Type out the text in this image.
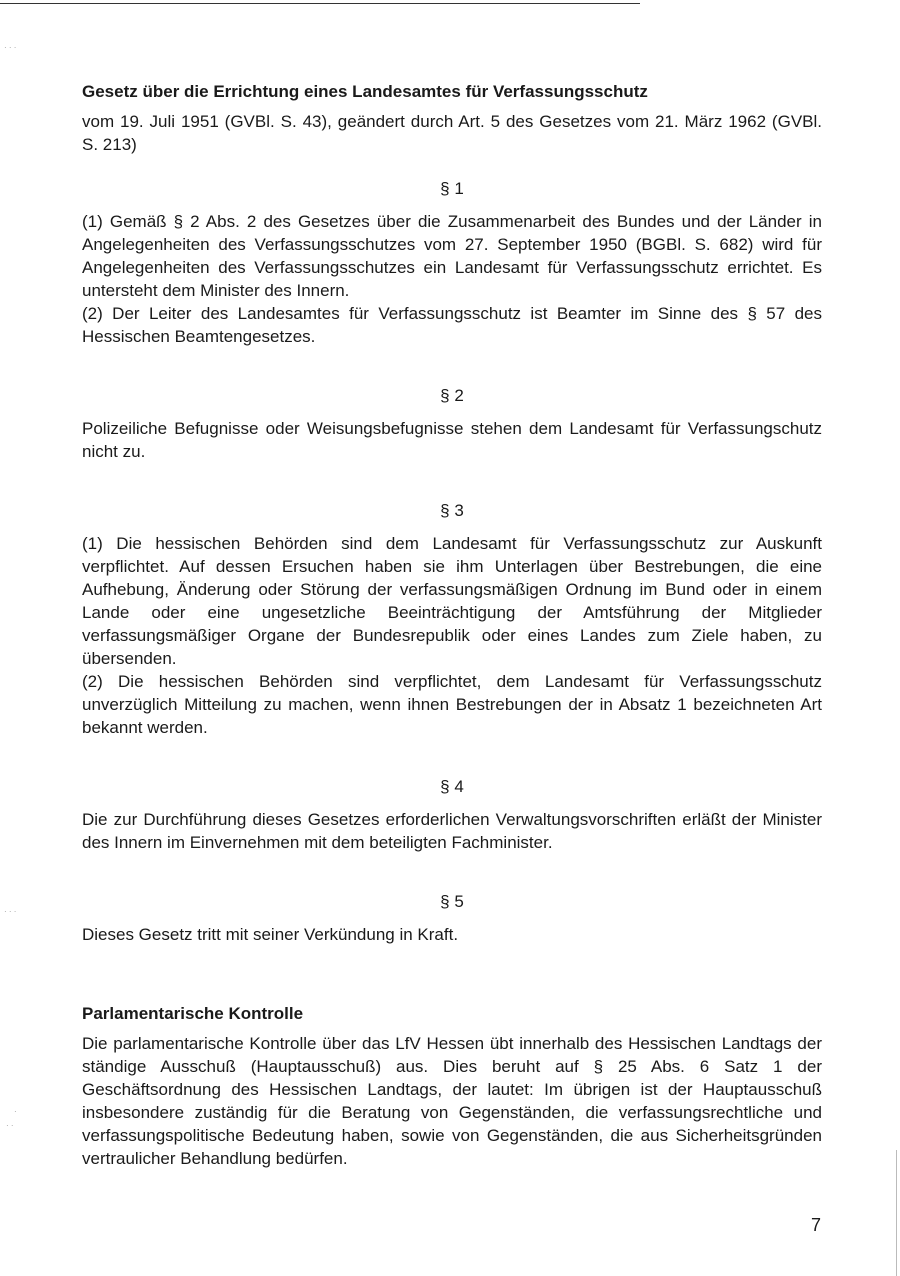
Gesetz über die Errichtung eines Landesamtes für Verfassungsschutz

vom 19. Juli 1951 (GVBl. S. 43), geändert durch Art. 5 des Gesetzes vom 21. März 1962 (GVBl. S. 213)

§ 1

(1) Gemäß § 2 Abs. 2 des Gesetzes über die Zusammenarbeit des Bundes und der Länder in Angelegenheiten des Verfassungsschutzes vom 27. September 1950 (BGBl. S. 682) wird für Angelegenheiten des Verfassungsschutzes ein Landesamt für Verfassungsschutz errichtet. Es untersteht dem Minister des Innern.

(2) Der Leiter des Landesamtes für Verfassungsschutz ist Beamter im Sinne des § 57 des Hessischen Beamtengesetzes.

§ 2

Polizeiliche Befugnisse oder Weisungsbefugnisse stehen dem Landesamt für Verfassungschutz nicht zu.

§ 3

(1) Die hessischen Behörden sind dem Landesamt für Verfassungsschutz zur Auskunft verpflichtet. Auf dessen Ersuchen haben sie ihm Unterlagen über Bestrebungen, die eine Aufhebung, Änderung oder Störung der verfassungsmäßigen Ordnung im Bund oder in einem Lande oder eine ungesetzliche Beeinträchtigung der Amtsführung der Mitglieder verfassungsmäßiger Organe der Bundesrepublik oder eines Landes zum Ziele haben, zu übersenden.

(2) Die hessischen Behörden sind verpflichtet, dem Landesamt für Verfassungsschutz unverzüglich Mitteilung zu machen, wenn ihnen Bestrebungen der in Absatz 1 bezeichneten Art bekannt werden.

§ 4

Die zur Durchführung dieses Gesetzes erforderlichen Verwaltungsvorschriften erläßt der Minister des Innern im Einvernehmen mit dem beteiligten Fachminister.

§ 5

Dieses Gesetz tritt mit seiner Verkündung in Kraft.

Parlamentarische Kontrolle

Die parlamentarische Kontrolle über das LfV Hessen übt innerhalb des Hessischen Landtags der ständige Ausschuß (Hauptausschuß) aus. Dies beruht auf § 25 Abs. 6 Satz 1 der Geschäftsordnung des Hessischen Landtags, der lautet: Im übrigen ist der Hauptausschuß insbesondere zuständig für die Beratung von Gegenständen, die verfassungsrechtliche und verfassungspolitische Bedeutung haben, sowie von Gegenständen, die aus Sicherheitsgründen vertraulicher Behandlung bedürfen.

7
· · ·
· · ·
·
· ·
